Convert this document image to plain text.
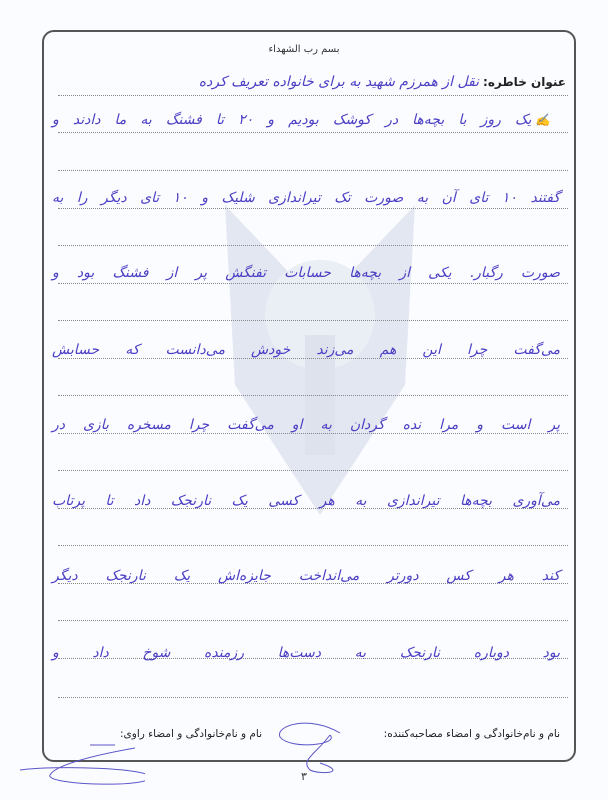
بسم رب الشهداء
عنوان خاطره:
نقل از همرزم شهید به برای خانواده تعریف کرده
✍یک روز با بچه‌ها در کوشک بودیم و ۲۰ تا فشنگ به ما دادند و
گفتند ۱۰ تای آن به صورت تک تیراندازی شلیک و ۱۰ تای دیگر را به
صورت رگبار. یکی از بچه‌ها حسابات تفنگش پر از فشنگ بود و
می‌گفت چرا این هم می‌زند خودش می‌دانست که حسابش
پر است و مرا نده گردان به او می‌گفت چرا مسخره بازی در
می‌آوری بچه‌ها تیراندازی به هر کسی یک نارنجک داد تا پرتاب
کند هر کس دورتر می‌انداخت جایزه‌اش یک نارنجک دیگر
بود دوباره نارنجک به دست‌ها رزمنده شوخ داد و
نام و نام‌خانوادگی و امضاء مصاحبه‌کننده:
نام و نام‌خانوادگی و امضاء راوی:
۳
